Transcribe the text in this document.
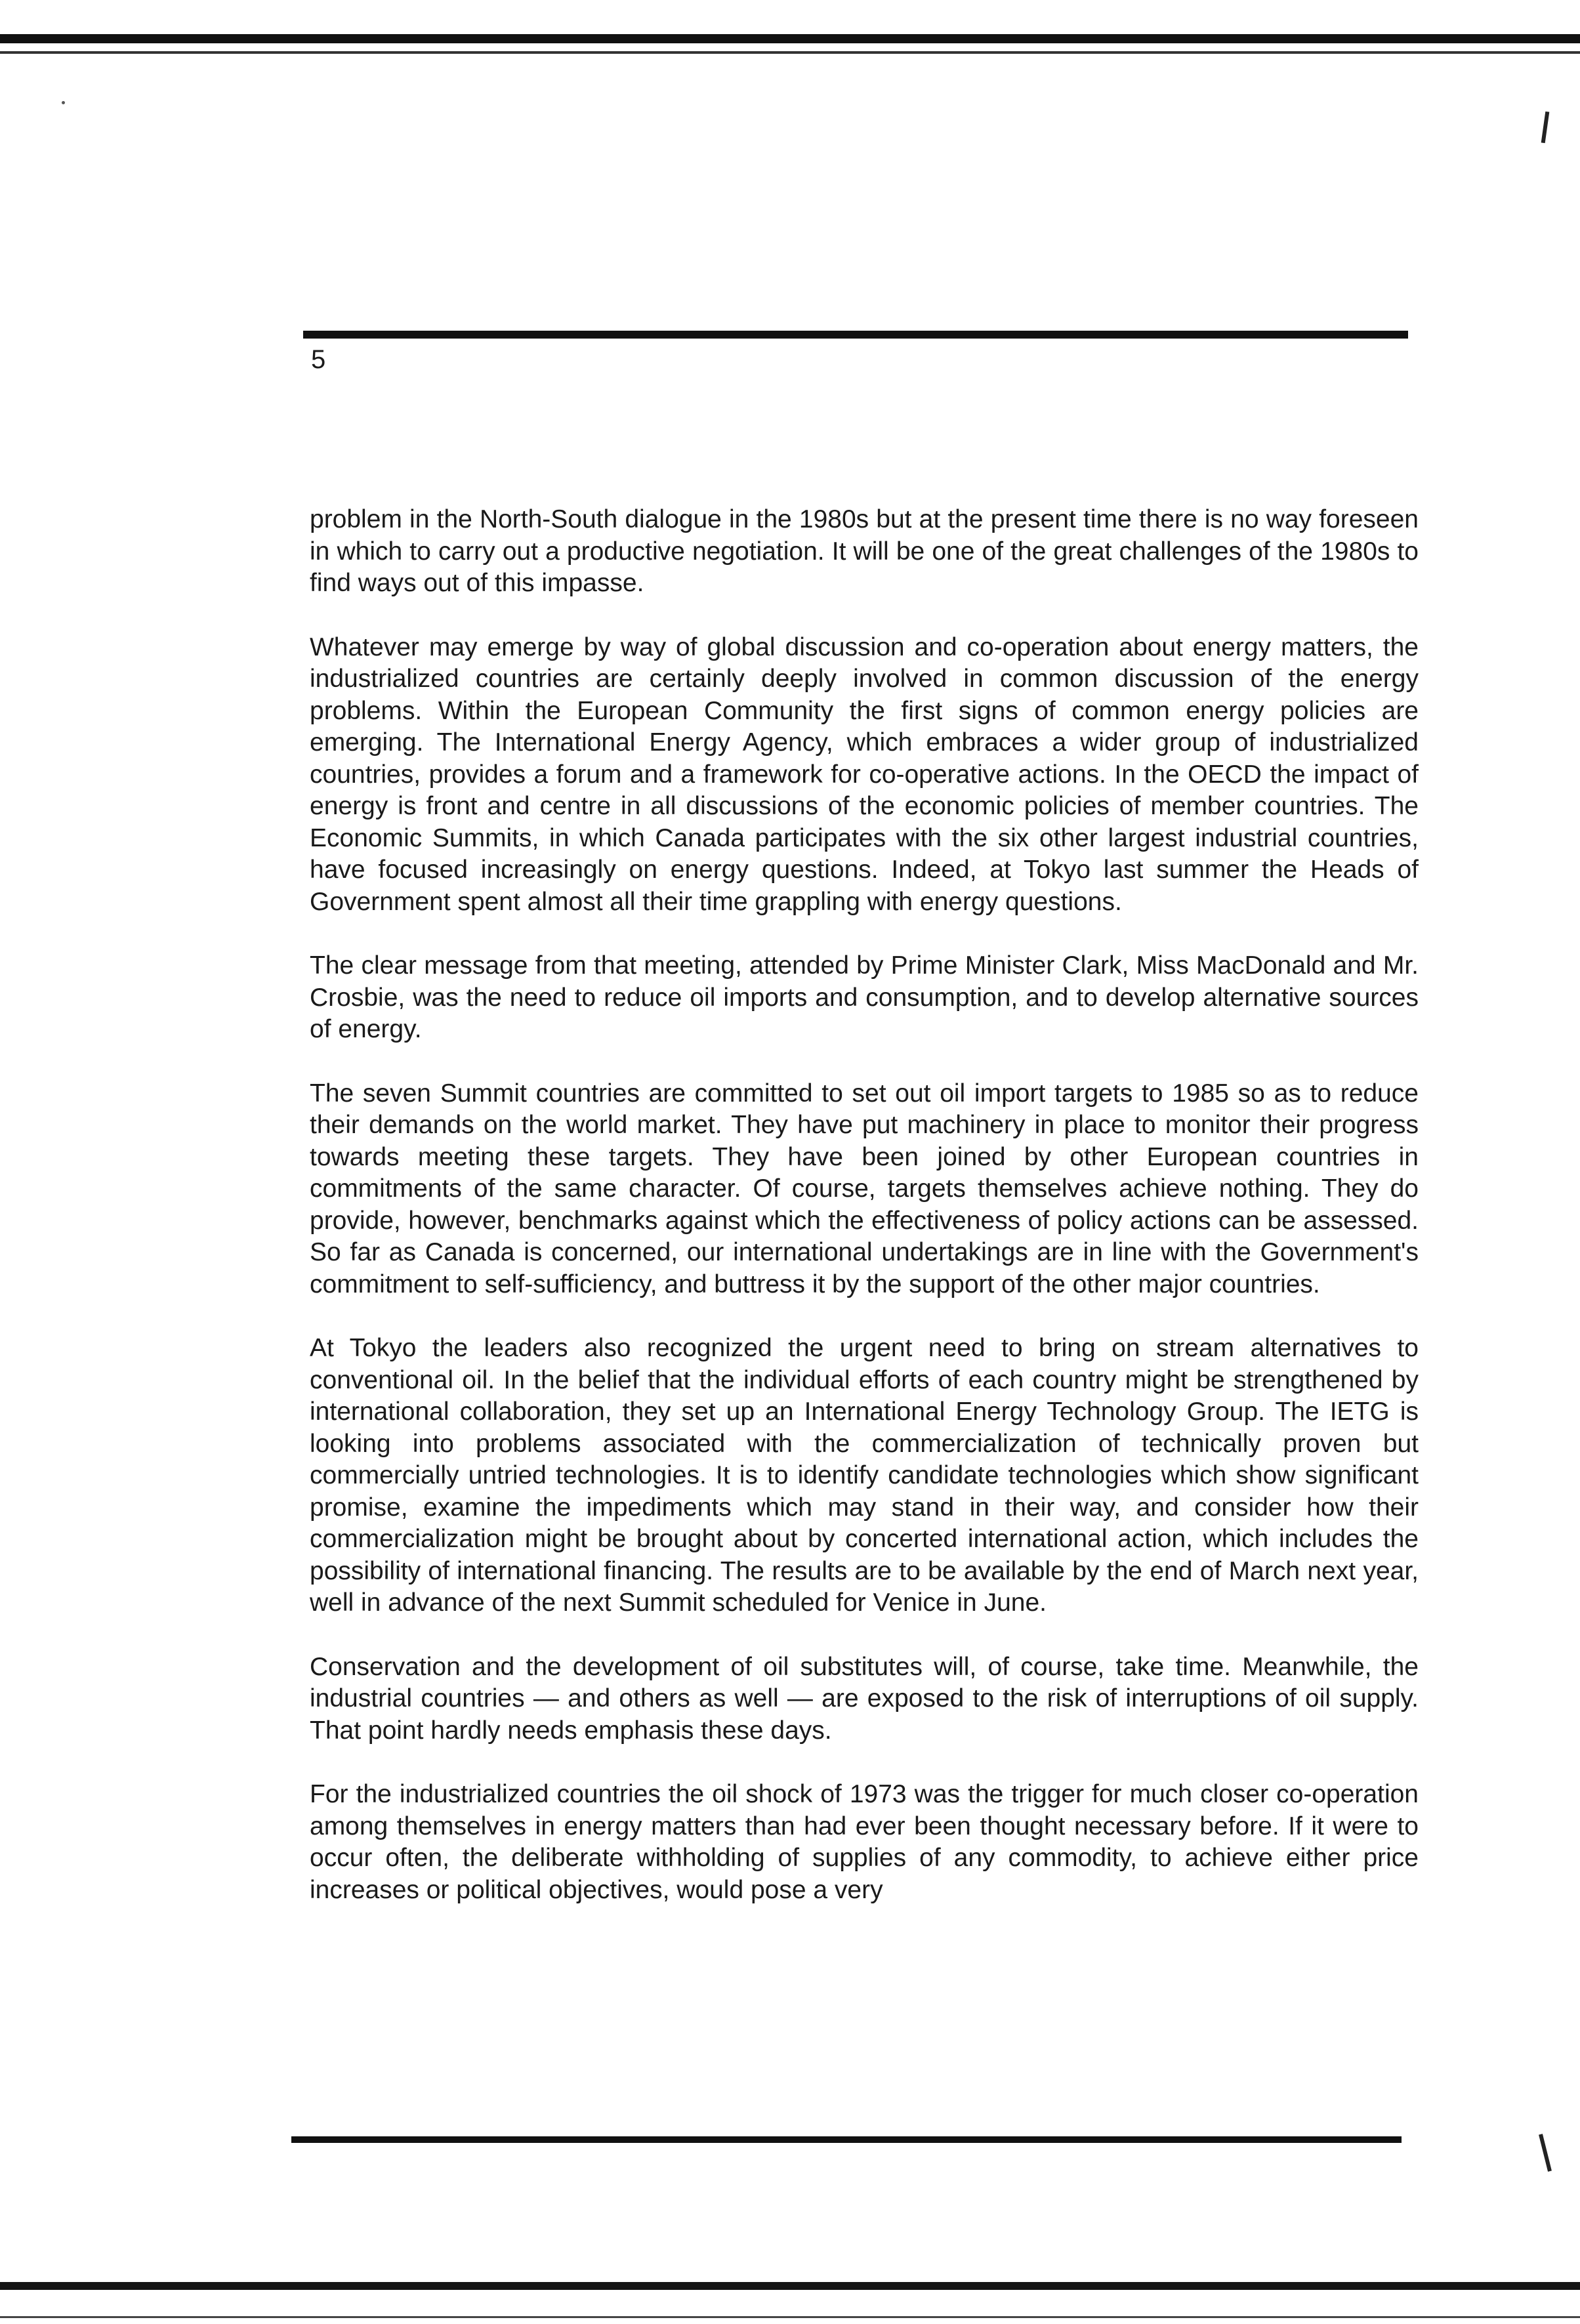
5

problem in the North-South dialogue in the 1980s but at the present time there is no way foreseen in which to carry out a productive negotiation. It will be one of the great challenges of the 1980s to find ways out of this impasse.

Whatever may emerge by way of global discussion and co-operation about energy matters, the industrialized countries are certainly deeply involved in common discussion of the energy problems. Within the European Community the first signs of common energy policies are emerging. The International Energy Agency, which embraces a wider group of industrialized countries, provides a forum and a framework for co-operative actions. In the OECD the impact of energy is front and centre in all discussions of the economic policies of member countries. The Economic Summits, in which Canada participates with the six other largest industrial countries, have focused increasingly on energy questions. Indeed, at Tokyo last summer the Heads of Government spent almost all their time grappling with energy questions.

The clear message from that meeting, attended by Prime Minister Clark, Miss MacDonald and Mr. Crosbie, was the need to reduce oil imports and consumption, and to develop alternative sources of energy.

The seven Summit countries are committed to set out oil import targets to 1985 so as to reduce their demands on the world market. They have put machinery in place to monitor their progress towards meeting these targets. They have been joined by other European countries in commitments of the same character. Of course, targets themselves achieve nothing. They do provide, however, benchmarks against which the effectiveness of policy actions can be assessed. So far as Canada is concerned, our international undertakings are in line with the Government's commitment to self-sufficiency, and buttress it by the support of the other major countries.

At Tokyo the leaders also recognized the urgent need to bring on stream alternatives to conventional oil. In the belief that the individual efforts of each country might be strengthened by international collaboration, they set up an International Energy Technology Group. The IETG is looking into problems associated with the commercialization of technically proven but commercially untried technologies. It is to identify candidate technologies which show significant promise, examine the impediments which may stand in their way, and consider how their commercialization might be brought about by concerted international action, which includes the possibility of international financing. The results are to be available by the end of March next year, well in advance of the next Summit scheduled for Venice in June.

Conservation and the development of oil substitutes will, of course, take time. Meanwhile, the industrial countries — and others as well — are exposed to the risk of interruptions of oil supply. That point hardly needs emphasis these days.

For the industrialized countries the oil shock of 1973 was the trigger for much closer co-operation among themselves in energy matters than had ever been thought necessary before. If it were to occur often, the deliberate withholding of supplies of any commodity, to achieve either price increases or political objectives, would pose a very
